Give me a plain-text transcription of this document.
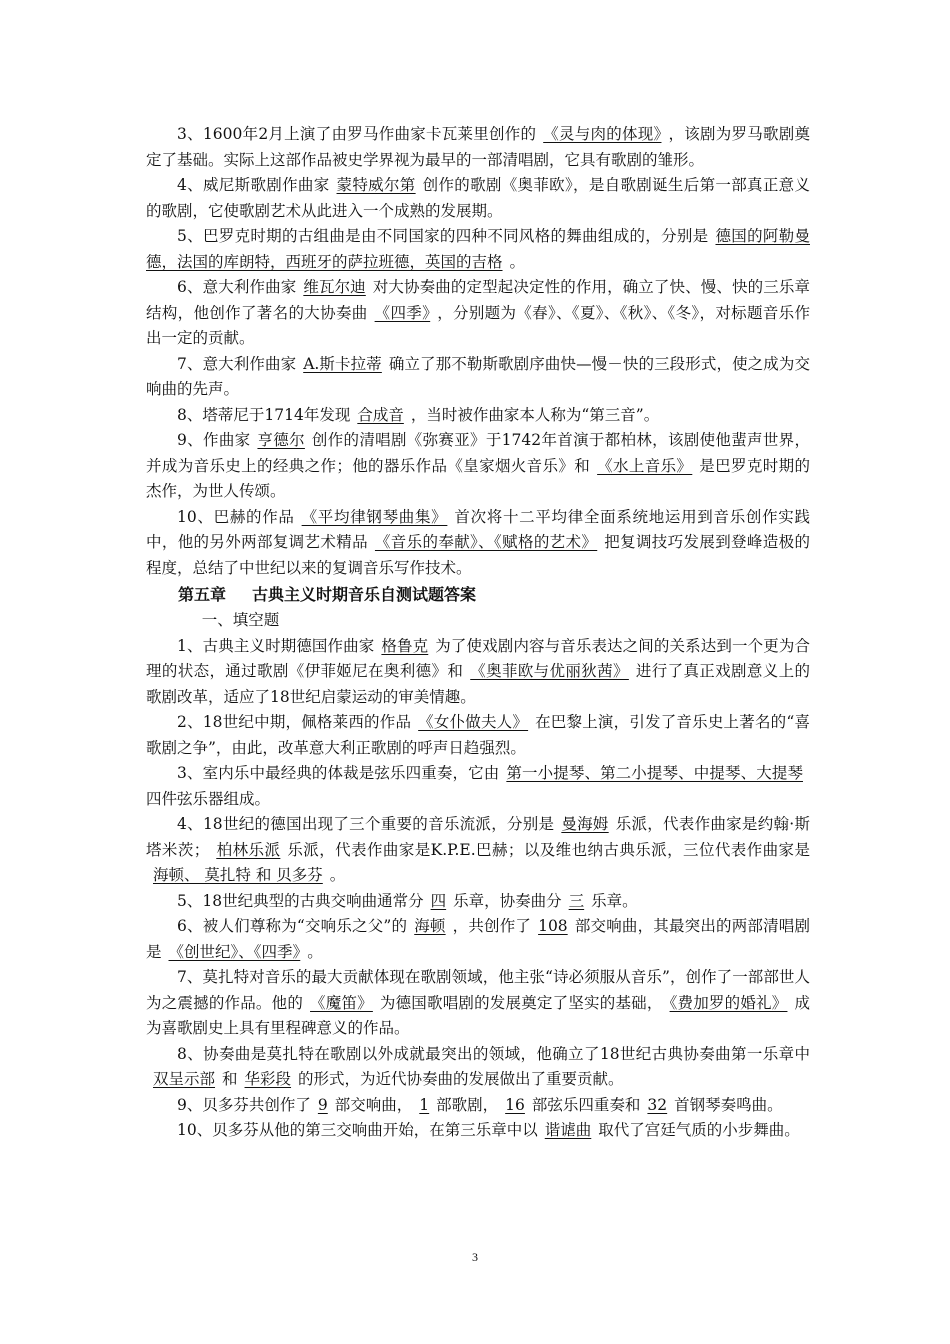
3、1600年2月上演了由罗马作曲家卡瓦莱里创作的 《灵与肉的体现》 ，该剧为罗马歌剧奠定了基础。实际上这部作品被史学界视为最早的一部清唱剧，它具有歌剧的雏形。

4、威尼斯歌剧作曲家 蒙特威尔第 创作的歌剧《奥菲欧》，是自歌剧诞生后第一部真正意义的歌剧，它使歌剧艺术从此进入一个成熟的发展期。

5、巴罗克时期的古组曲是由不同国家的四种不同风格的舞曲组成的，分别是 德国的阿勒曼德，法国的库朗特，西班牙的萨拉班德，英国的吉格 。

6、意大利作曲家 维瓦尔迪 对大协奏曲的定型起决定性的作用，确立了快、慢、快的三乐章结构，他创作了著名的大协奏曲 《四季》 ，分别题为《春》、《夏》、《秋》、《冬》，对标题音乐作出一定的贡献。

7、意大利作曲家 A.斯卡拉蒂 确立了那不勒斯歌剧序曲快—慢－快的三段形式，使之成为交响曲的先声。

8、塔蒂尼于1714年发现 合成音 ，当时被作曲家本人称为“第三音”。

9、作曲家 亨德尔 创作的清唱剧《弥赛亚》于1742年首演于都柏林，该剧使他蜚声世界，并成为音乐史上的经典之作；他的器乐作品《皇家烟火音乐》和 《水上音乐》 是巴罗克时期的杰作，为世人传颂。

10、巴赫的作品 《平均律钢琴曲集》 首次将十二平均律全面系统地运用到音乐创作实践中，他的另外两部复调艺术精品 《音乐的奉献》、《赋格的艺术》 把复调技巧发展到登峰造极的程度，总结了中世纪以来的复调音乐写作技术。

第五章 古典主义时期音乐自测试题答案

一、填空题

1、古典主义时期德国作曲家 格鲁克 为了使戏剧内容与音乐表达之间的关系达到一个更为合理的状态，通过歌剧《伊菲姬尼在奥利德》和 《奥菲欧与优丽狄茜》 进行了真正戏剧意义上的歌剧改革，适应了18世纪启蒙运动的审美情趣。

2、18世纪中期，佩格莱西的作品 《女仆做夫人》 在巴黎上演，引发了音乐史上著名的“喜歌剧之争”，由此，改革意大利正歌剧的呼声日趋强烈。

3、室内乐中最经典的体裁是弦乐四重奏，它由 第一小提琴、第二小提琴、中提琴、大提琴四件弦乐器组成。

4、18世纪的德国出现了三个重要的音乐流派，分别是 曼海姆 乐派，代表作曲家是约翰·斯塔米茨； 柏林乐派 乐派，代表作曲家是K.P.E.巴赫；以及维也纳古典乐派，三位代表作曲家是海顿、 莫扎特 和 贝多芬 。

5、18世纪典型的古典交响曲通常分 四 乐章，协奏曲分 三 乐章。

6、被人们尊称为“交响乐之父”的 海顿 ，共创作了 108 部交响曲，其最突出的两部清唱剧是 《创世纪》、《四季》 。

7、莫扎特对音乐的最大贡献体现在歌剧领域，他主张“诗必须服从音乐”，创作了一部部世人为之震撼的作品。他的 《魔笛》 为德国歌唱剧的发展奠定了坚实的基础， 《费加罗的婚礼》 成为喜歌剧史上具有里程碑意义的作品。

8、协奏曲是莫扎特在歌剧以外成就最突出的领域，他确立了18世纪古典协奏曲第一乐章中双呈示部 和 华彩段 的形式，为近代协奏曲的发展做出了重要贡献。

9、贝多芬共创作了 9 部交响曲， 1 部歌剧， 16 部弦乐四重奏和 32 首钢琴奏鸣曲。

10、贝多芬从他的第三交响曲开始，在第三乐章中以 谐谑曲 取代了宫廷气质的小步舞曲。

3
